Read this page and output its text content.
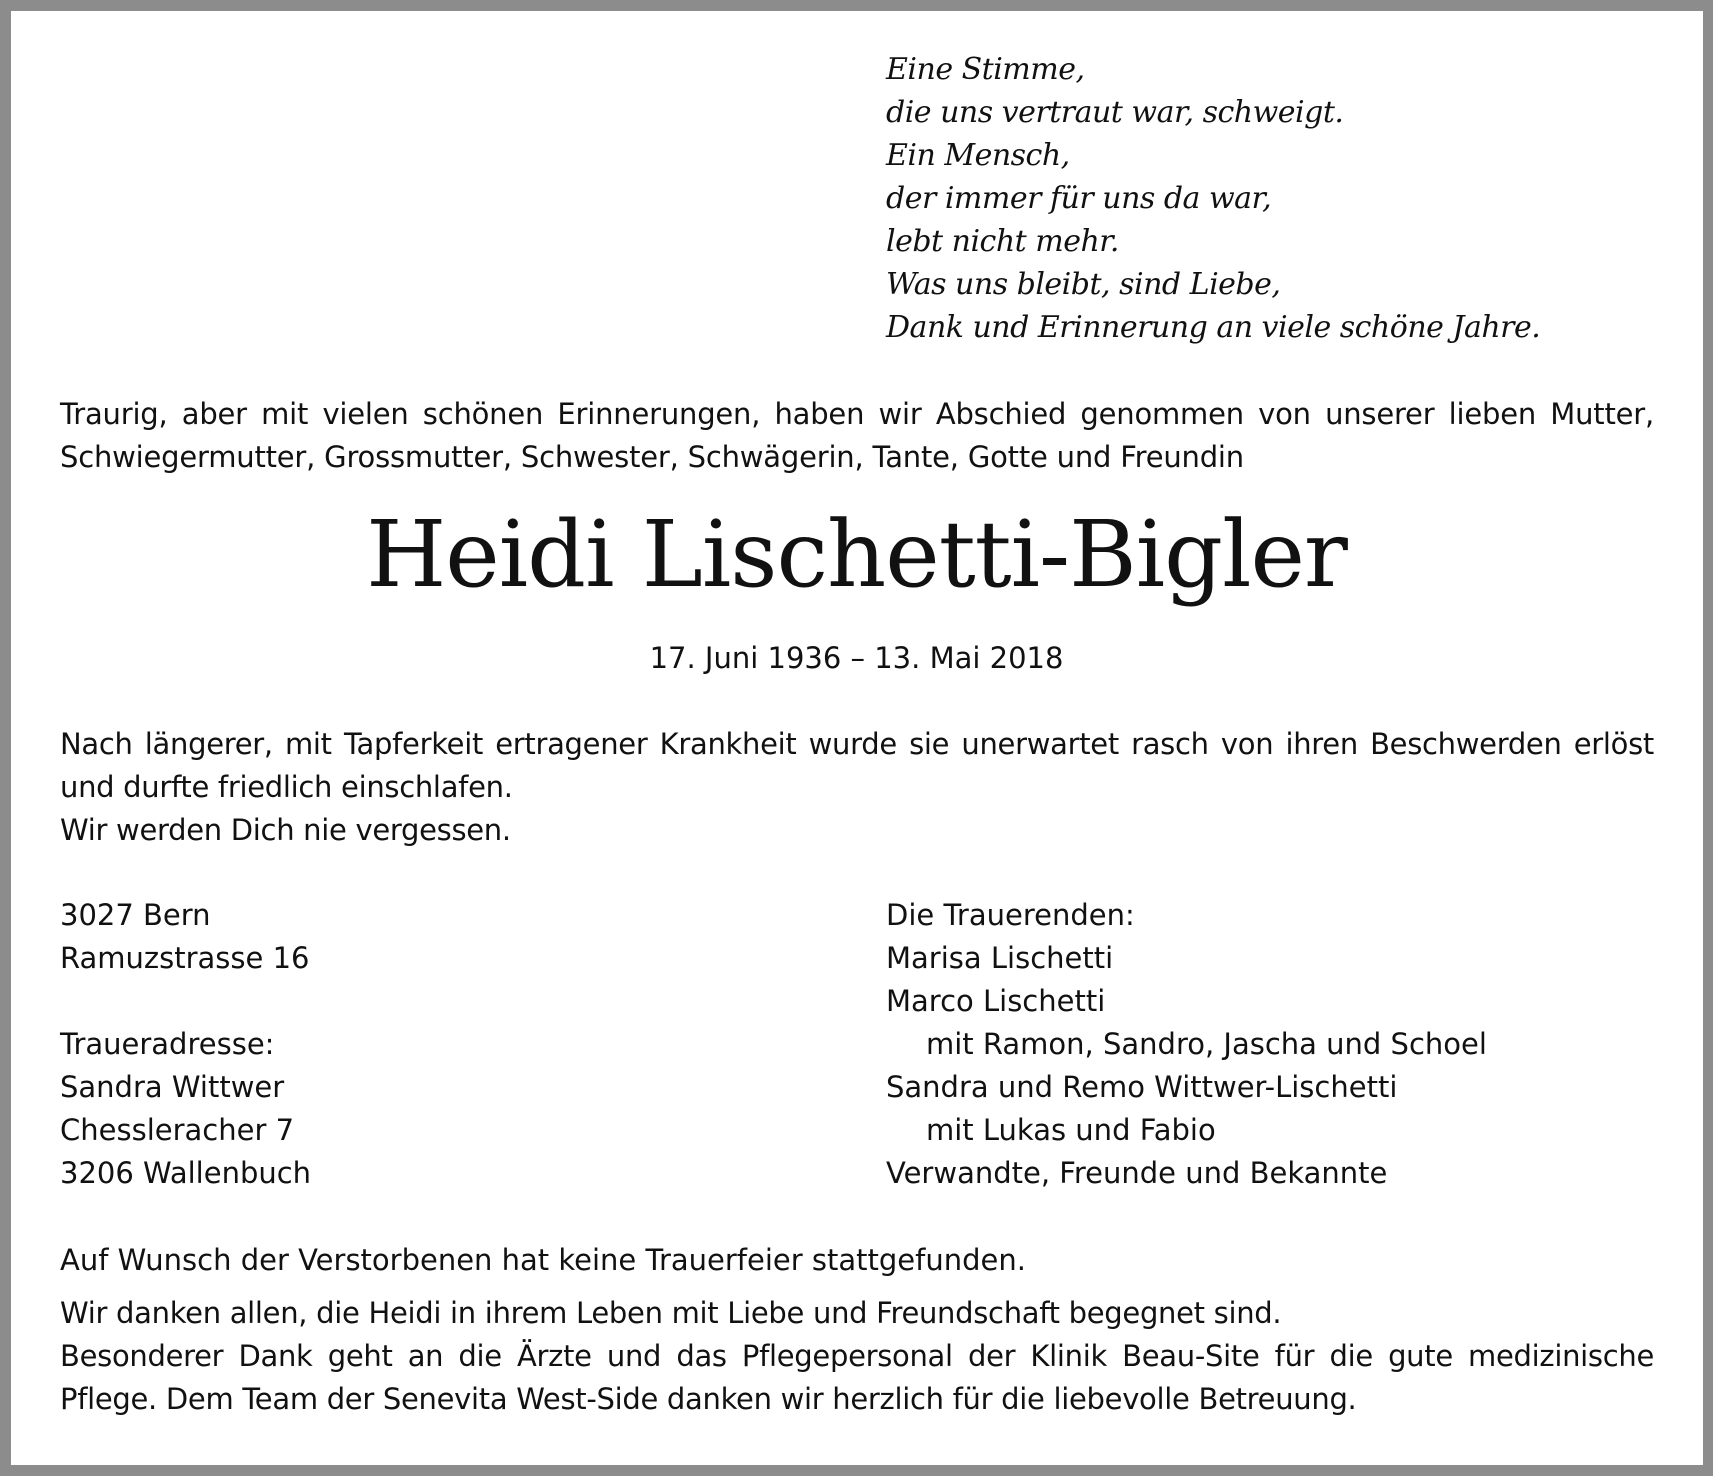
Eine Stimme,
die uns vertraut war, schweigt.
Ein Mensch,
der immer für uns da war,
lebt nicht mehr.
Was uns bleibt, sind Liebe,
Dank und Erinnerung an viele schöne Jahre.
Traurig, aber mit vielen schönen Erinnerungen, haben wir Abschied genommen von unserer lieben Mutter,
Schwiegermutter, Grossmutter, Schwester, Schwägerin, Tante, Gotte und Freundin
Heidi Lischetti-Bigler
17. Juni 1936 – 13. Mai 2018
Nach längerer, mit Tapferkeit ertragener Krankheit wurde sie unerwartet rasch von ihren Beschwerden erlöst
und durfte friedlich einschlafen.
Wir werden Dich nie vergessen.
3027 Bern
Ramuzstrasse 16
Traueradresse:
Sandra Wittwer
Chessleracher 7
3206 Wallenbuch
Die Trauerenden:
Marisa Lischetti
Marco Lischetti
mit Ramon, Sandro, Jascha und Schoel
Sandra und Remo Wittwer-Lischetti
mit Lukas und Fabio
Verwandte, Freunde und Bekannte
Auf Wunsch der Verstorbenen hat keine Trauerfeier stattgefunden.
Wir danken allen, die Heidi in ihrem Leben mit Liebe und Freundschaft begegnet sind.
Besonderer Dank geht an die Ärzte und das Pflegepersonal der Klinik Beau-Site für die gute medizinische
Pflege. Dem Team der Senevita West-Side danken wir herzlich für die liebevolle Betreuung.
